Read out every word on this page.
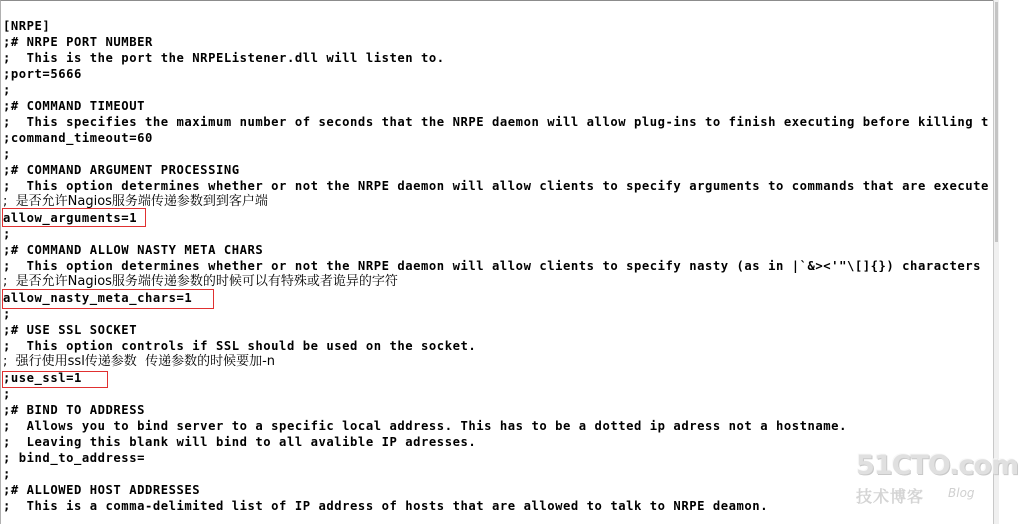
[NRPE]
;# NRPE PORT NUMBER
;  This is the port the NRPEListener.dll will listen to.
;port=5666
;
;# COMMAND TIMEOUT
;  This specifies the maximum number of seconds that the NRPE daemon will allow plug-ins to finish executing before killing t
;command_timeout=60
;
;# COMMAND ARGUMENT PROCESSING
;  This option determines whether or not the NRPE daemon will allow clients to specify arguments to commands that are execute
;  是否允许Nagios服务端传递参数到到客户端
allow_arguments=1
;
;# COMMAND ALLOW NASTY META CHARS
;  This option determines whether or not the NRPE daemon will allow clients to specify nasty (as in |`&><'"\[]{}) characters
;  是否允许Nagios服务端传递参数的时候可以有特殊或者诡异的字符
allow_nasty_meta_chars=1
;
;# USE SSL SOCKET
;  This option controls if SSL should be used on the socket.
;  强行使用ssl传递参数  传递参数的时候要加-n
;use_ssl=1
;
;# BIND TO ADDRESS
;  Allows you to bind server to a specific local address. This has to be a dotted ip adress not a hostname.
;  Leaving this blank will bind to all avalible IP adresses.
; bind_to_address=
;
;# ALLOWED HOST ADDRESSES
;  This is a comma-delimited list of IP address of hosts that are allowed to talk to NRPE deamon.
51CTO.com
技术博客 Blog
